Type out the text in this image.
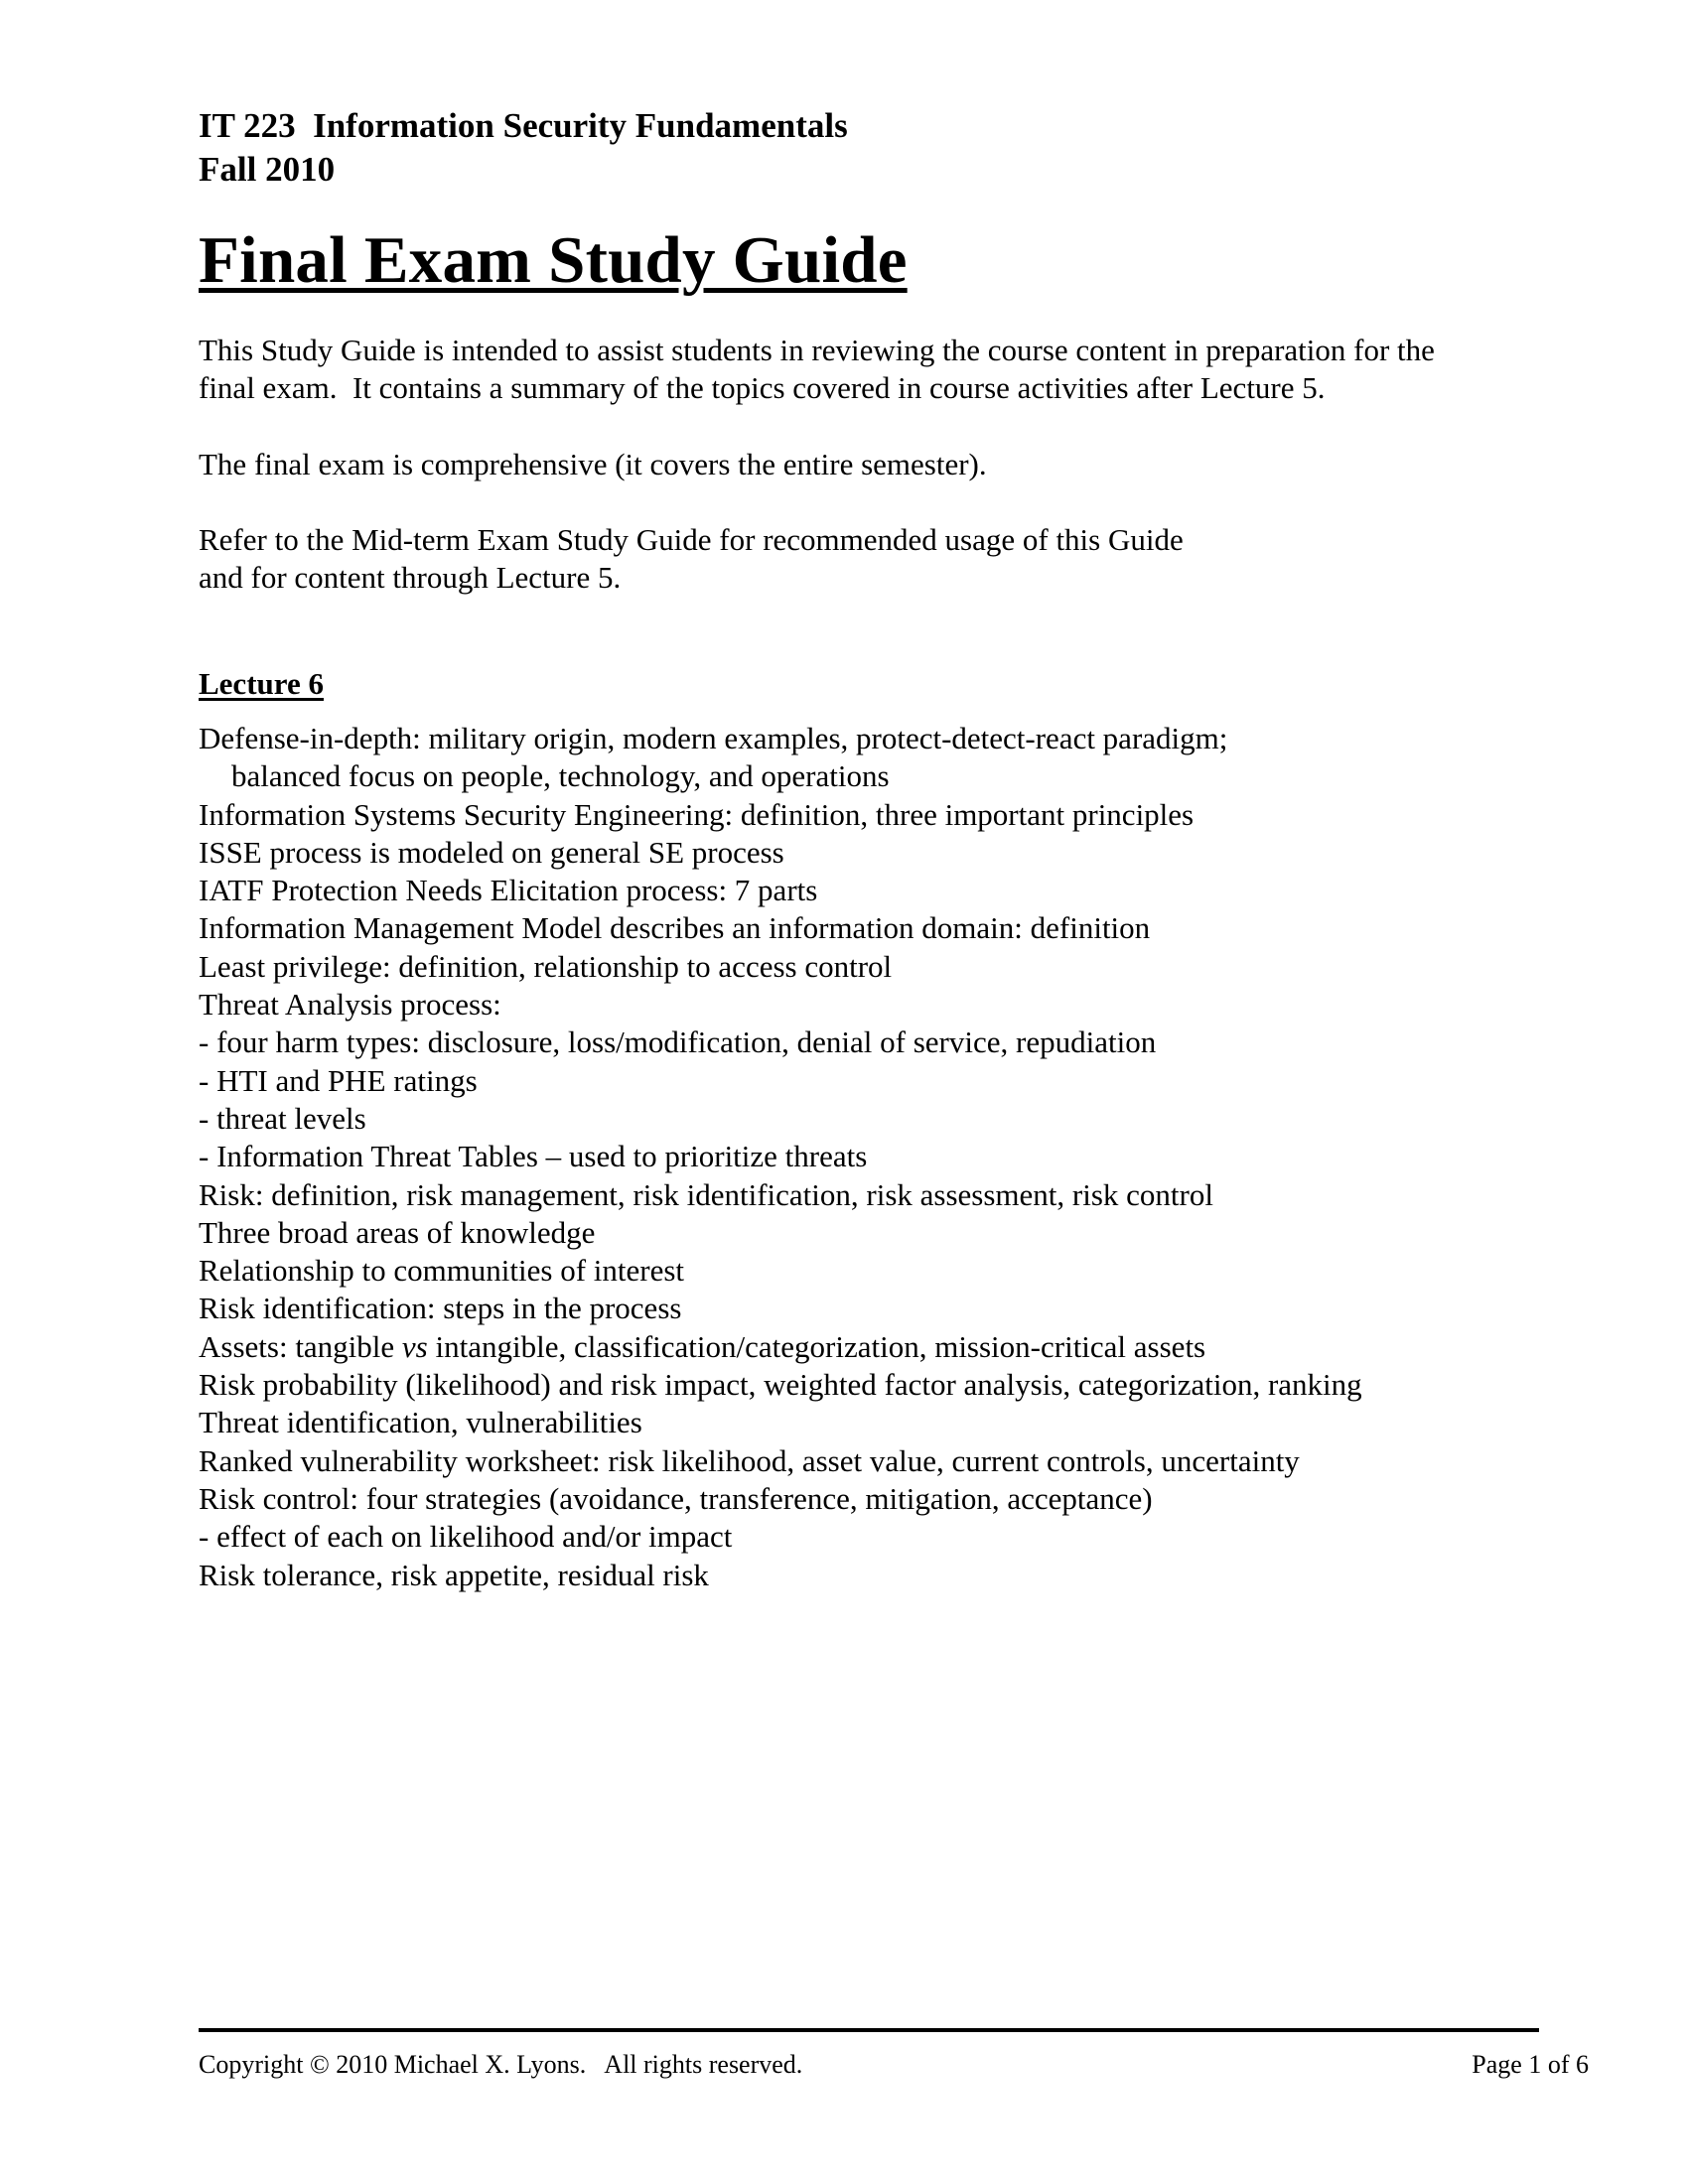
IT 223  Information Security Fundamentals
Fall 2010
Final Exam Study Guide
This Study Guide is intended to assist students in reviewing the course content in preparation for the
final exam.  It contains a summary of the topics covered in course activities after Lecture 5.
The final exam is comprehensive (it covers the entire semester).
Refer to the Mid-term Exam Study Guide for recommended usage of this Guide
and for content through Lecture 5.
Lecture 6
Defense-in-depth: military origin, modern examples, protect-detect-react paradigm;
balanced focus on people, technology, and operations
Information Systems Security Engineering: definition, three important principles
ISSE process is modeled on general SE process
IATF Protection Needs Elicitation process: 7 parts
Information Management Model describes an information domain: definition
Least privilege: definition, relationship to access control
Threat Analysis process:
- four harm types: disclosure, loss/modification, denial of service, repudiation
- HTI and PHE ratings
- threat levels
- Information Threat Tables – used to prioritize threats
Risk: definition, risk management, risk identification, risk assessment, risk control
Three broad areas of knowledge
Relationship to communities of interest
Risk identification: steps in the process
Assets: tangible vs intangible, classification/categorization, mission-critical assets
Risk probability (likelihood) and risk impact, weighted factor analysis, categorization, ranking
Threat identification, vulnerabilities
Ranked vulnerability worksheet: risk likelihood, asset value, current controls, uncertainty
Risk control: four strategies (avoidance, transference, mitigation, acceptance)
- effect of each on likelihood and/or impact
Risk tolerance, risk appetite, residual risk
Copyright © 2010 Michael X. Lyons.   All rights reserved.	Page 1 of 6
